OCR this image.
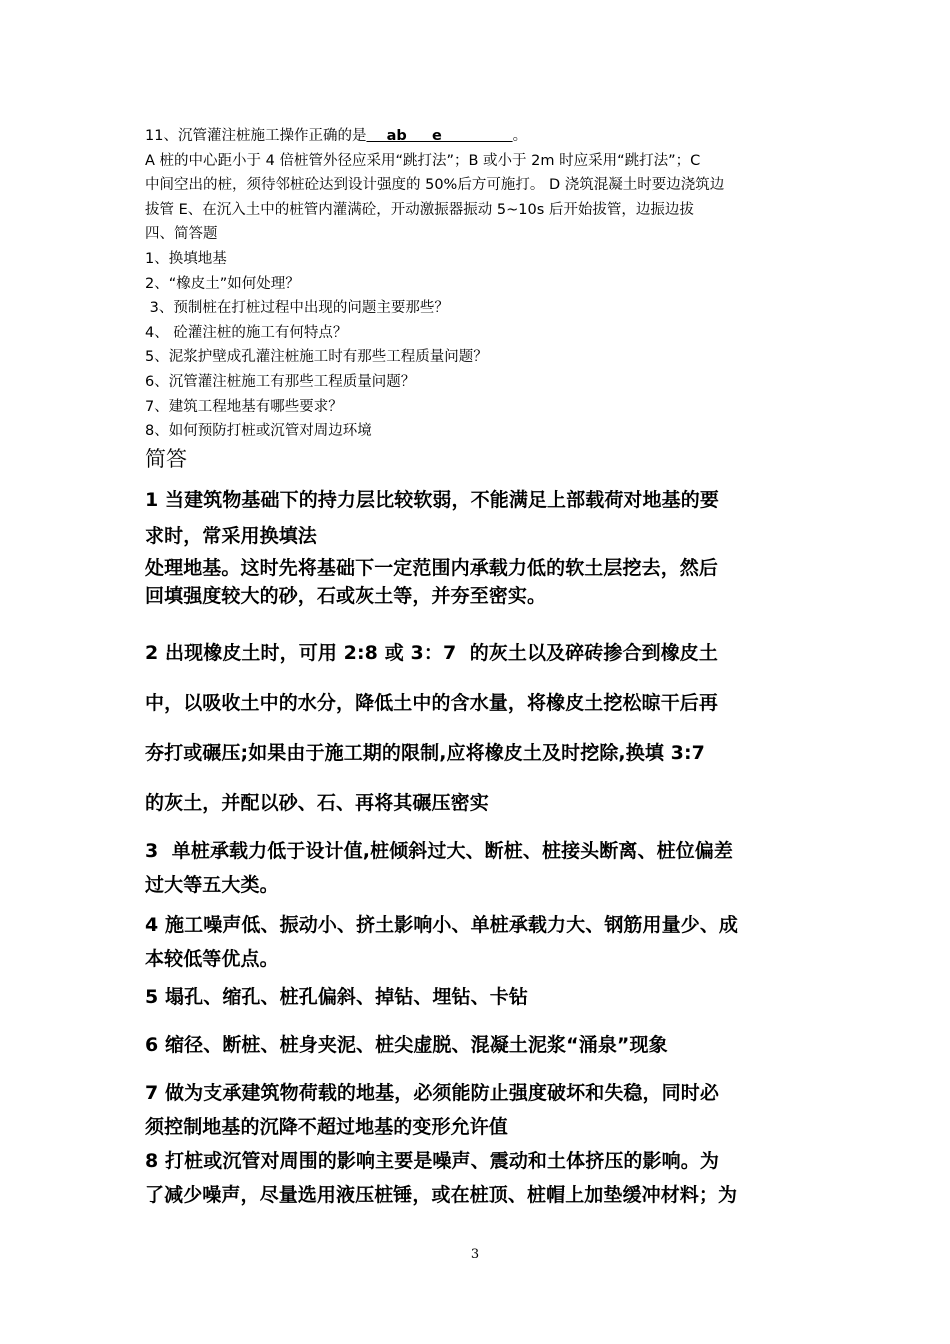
11、沉管灌注桩施工操作正确的是    ab     e              。

A 桩的中心距小于 4 倍桩管外径应采用“跳打法”；B 或小于 2m 时应采用“跳打法”；C

中间空出的桩，须待邻桩砼达到设计强度的 50%后方可施打。 D 浇筑混凝土时要边浇筑边

拔管 E、在沉入土中的桩管内灌满砼，开动激振器振动 5~10s 后开始拔管，边振边拔

四、简答题

1、换填地基

2、“橡皮土”如何处理？

3、预制桩在打桩过程中出现的问题主要那些？

4、 砼灌注桩的施工有何特点？

5、泥浆护壁成孔灌注桩施工时有那些工程质量问题？

6、沉管灌注桩施工有那些工程质量问题？

7、建筑工程地基有哪些要求？

8、如何预防打桩或沉管对周边环境

简答

1 当建筑物基础下的持力层比较软弱，不能满足上部载荷对地基的要

求时，常采用换填法

处理地基。这时先将基础下一定范围内承载力低的软土层挖去，然后

回填强度较大的砂，石或灰土等，并夯至密实。

2 出现橡皮土时，可用 2:8 或 3：7  的灰土以及碎砖掺合到橡皮土

中，以吸收土中的水分，降低土中的含水量，将橡皮土挖松晾干后再

夯打或碾压;如果由于施工期的限制,应将橡皮土及时挖除,换填 3:7

的灰土，并配以砂、石、再将其碾压密实

3  单桩承载力低于设计值,桩倾斜过大、断桩、桩接头断离、桩位偏差

过大等五大类。

4 施工噪声低、振动小、挤土影响小、单桩承载力大、钢筋用量少、成

本较低等优点。

5 塌孔、缩孔、桩孔偏斜、掉钻、埋钻、卡钻

6 缩径、断桩、桩身夹泥、桩尖虚脱、混凝土泥浆“涌泉”现象

7 做为支承建筑物荷载的地基，必须能防止强度破坏和失稳，同时必

须控制地基的沉降不超过地基的变形允许值

8 打桩或沉管对周围的影响主要是噪声、震动和土体挤压的影响。为

了减少噪声，尽量选用液压桩锤，或在桩顶、桩帽上加垫缓冲材料；为

3
